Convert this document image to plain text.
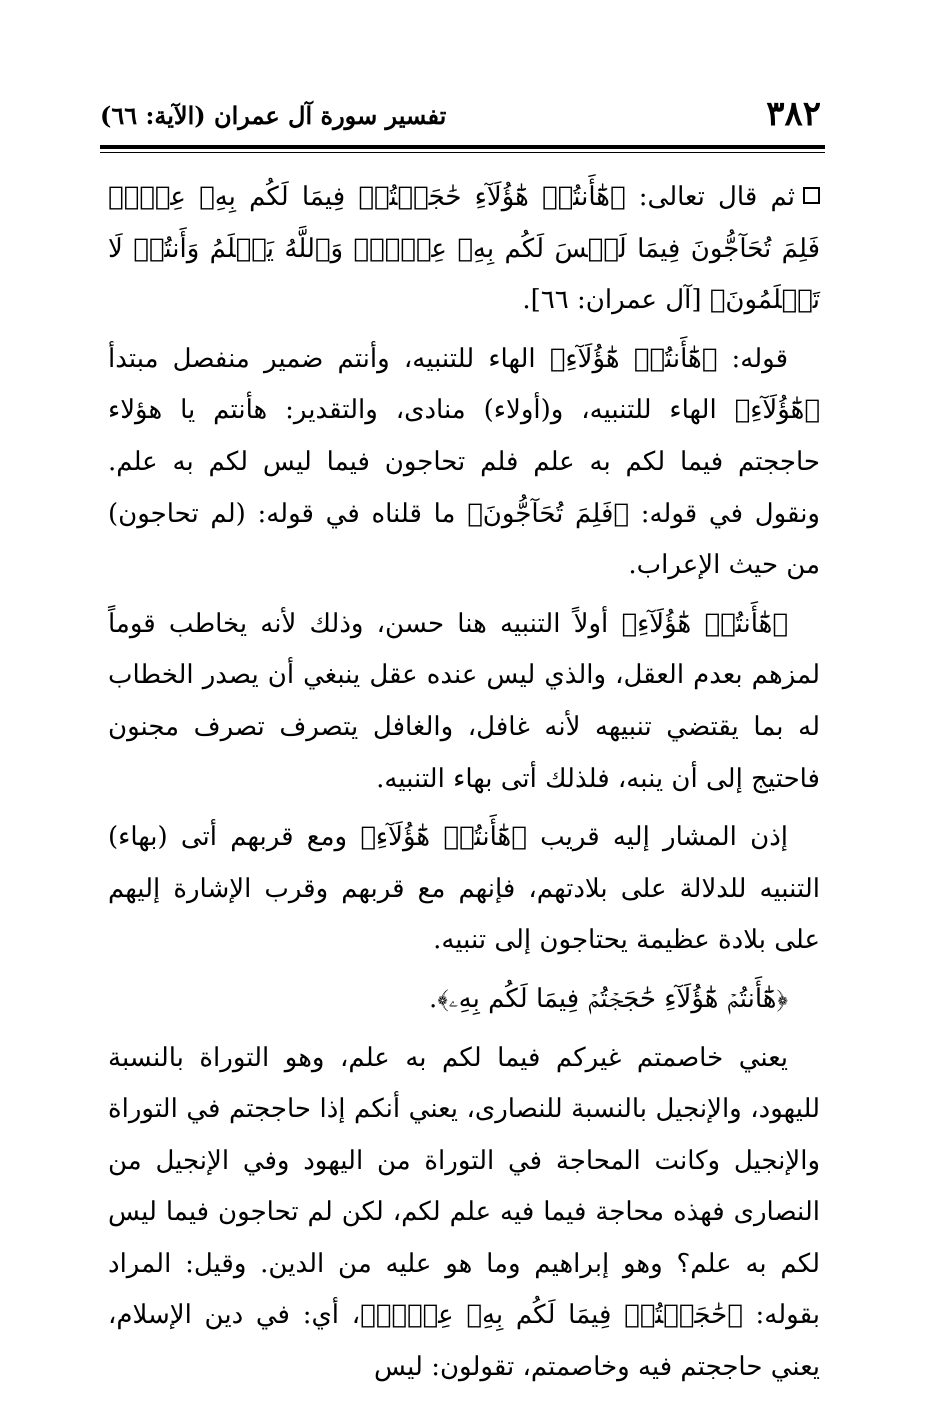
٣٨٢
تفسير سورة آل عمران (الآية: ٦٦)

ثم قال تعالى: ﴿هَٰٓأَنتُمۡ هَٰٓؤُلَآءِ حَٰجَجۡتُمۡ فِيمَا لَكُم بِهِۦ عِلۡمٞ فَلِمَ تُحَآجُّونَ فِيمَا لَيۡسَ لَكُم بِهِۦ عِلۡمٞۚ وَٱللَّهُ يَعۡلَمُ وَأَنتُمۡ لَا تَعۡلَمُونَ﴾ [آل عمران: ٦٦].

قوله: ﴿هَٰٓأَنتُمۡ هَٰٓؤُلَآءِ﴾ الهاء للتنبيه، وأنتم ضمير منفصل مبتدأ ﴿هَٰٓؤُلَآءِ﴾ الهاء للتنبيه، و(أولاء) منادى، والتقدير: هأنتم يا هؤلاء حاججتم فيما لكم به علم فلم تحاجون فيما ليس لكم به علم. ونقول في قوله: ﴿فَلِمَ تُحَآجُّونَ﴾ ما قلناه في قوله: (لم تحاجون) من حيث الإعراب.

﴿هَٰٓأَنتُمۡ هَٰٓؤُلَآءِ﴾ أولاً التنبيه هنا حسن، وذلك لأنه يخاطب قوماً لمزهم بعدم العقل، والذي ليس عنده عقل ينبغي أن يصدر الخطاب له بما يقتضي تنبيهه لأنه غافل، والغافل يتصرف تصرف مجنون فاحتيج إلى أن ينبه، فلذلك أتى بهاء التنبيه.

إذن المشار إليه قريب ﴿هَٰٓأَنتُمۡ هَٰٓؤُلَآءِ﴾ ومع قربهم أتى (بهاء) التنبيه للدلالة على بلادتهم، فإنهم مع قربهم وقرب الإشارة إليهم على بلادة عظيمة يحتاجون إلى تنبيه.

﴿هَٰٓأَنتُمۡ هَٰٓؤُلَآءِ حَٰجَجۡتُمۡ فِيمَا لَكُم بِهِۦ﴾.

يعني خاصمتم غيركم فيما لكم به علم، وهو التوراة بالنسبة لليهود، والإنجيل بالنسبة للنصارى، يعني أنكم إذا حاججتم في التوراة والإنجيل وكانت المحاجة في التوراة من اليهود وفي الإنجيل من النصارى فهذه محاجة فيما فيه علم لكم، لكن لم تحاجون فيما ليس لكم به علم؟ وهو إبراهيم وما هو عليه من الدين. وقيل: المراد بقوله: ﴿حَٰجَجۡتُمۡ فِيمَا لَكُم بِهِۦ عِلۡمٞ﴾، أي: في دين الإسلام، يعني حاججتم فيه وخاصمتم، تقولون: ليس
